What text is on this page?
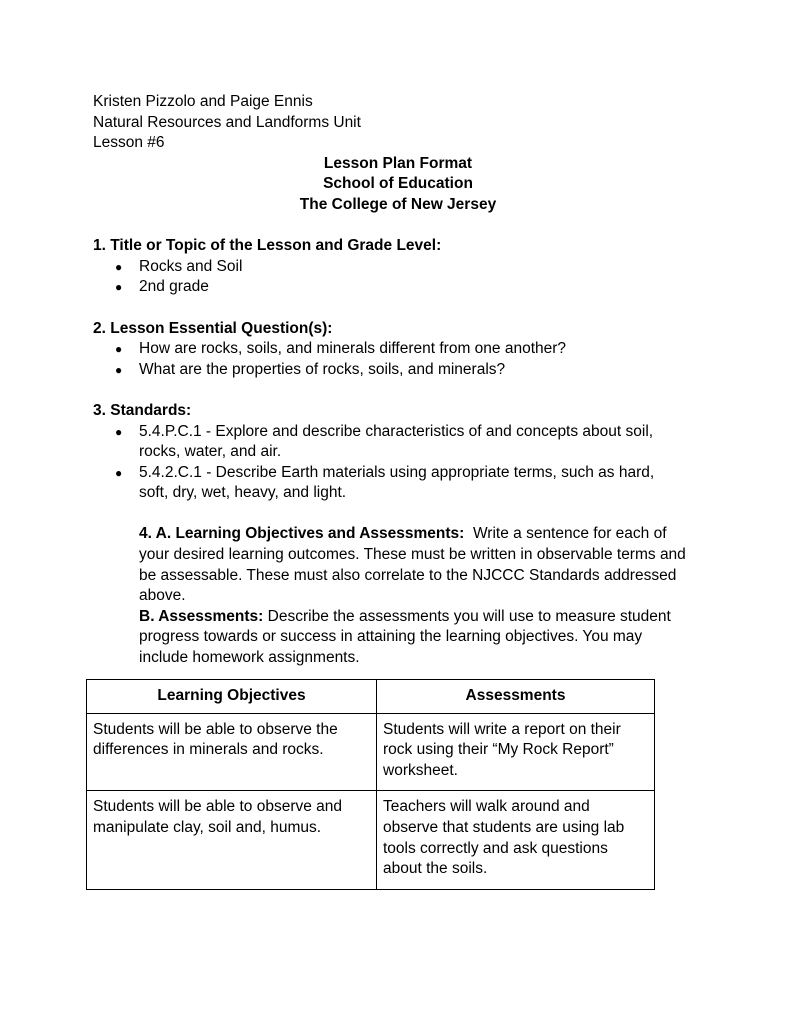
Kristen Pizzolo and Paige Ennis
Natural Resources and Landforms Unit
Lesson #6
Lesson Plan Format
School of Education
The College of New Jersey
1. Title or Topic of the Lesson and Grade Level:
● Rocks and Soil
● 2nd grade
2. Lesson Essential Question(s):
● How are rocks, soils, and minerals different from one another?
● What are the properties of rocks, soils, and minerals?
3. Standards:
● 5.4.P.C.1 - Explore and describe characteristics of and concepts about soil, rocks, water, and air.
● 5.4.2.C.1 - Describe Earth materials using appropriate terms, such as hard, soft, dry, wet, heavy, and light.
4. A. Learning Objectives and Assessments: Write a sentence for each of your desired learning outcomes. These must be written in observable terms and be assessable. These must also correlate to the NJCCC Standards addressed above.
B. Assessments: Describe the assessments you will use to measure student progress towards or success in attaining the learning objectives. You may include homework assignments.
Learning Objectives	Assessments
Students will be able to observe the differences in minerals and rocks.	Students will write a report on their rock using their “My Rock Report” worksheet.
Students will be able to observe and manipulate clay, soil and, humus.	Teachers will walk around and observe that students are using lab tools correctly and ask questions about the soils.
